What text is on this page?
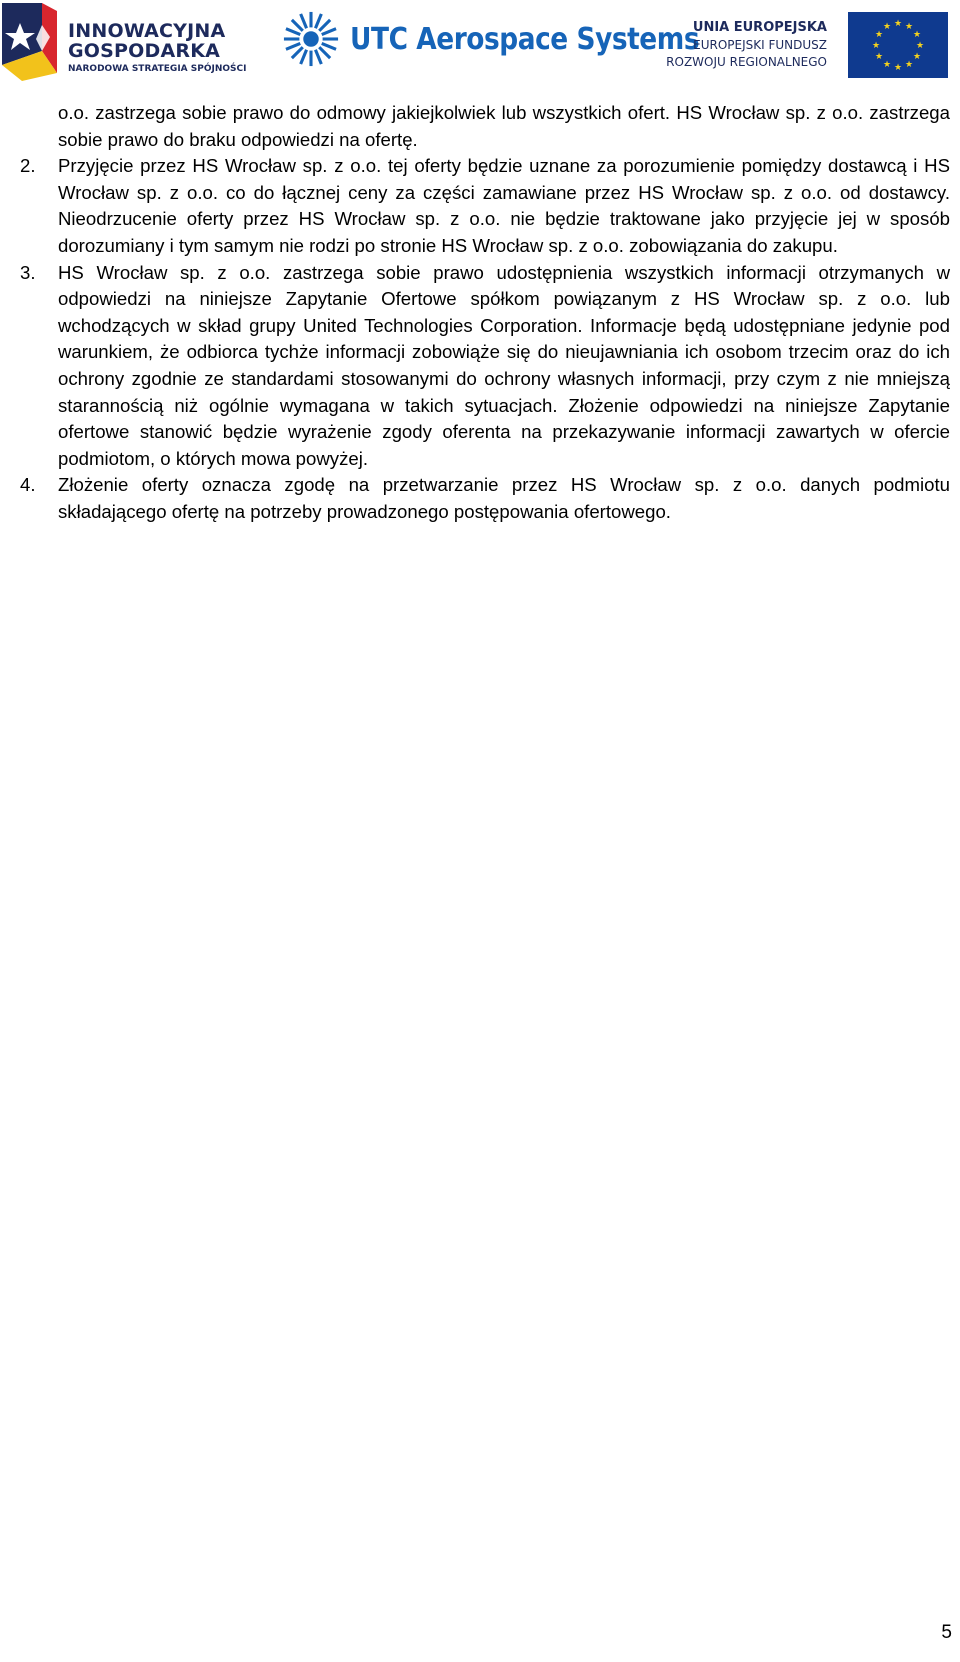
INNOWACYJNA
GOSPODARKA
NARODOWA STRATEGIA SPÓJNOŚCI
UTC Aerospace Systems
UNIA EUROPEJSKA
EUROPEJSKI FUNDUSZ
ROZWOJU REGIONALNEGO
★ ★
★
★
★
★
★
★
★
★
★
★

o.o. zastrzega sobie prawo do odmowy jakiejkolwiek lub wszystkich ofert. HS Wrocław sp. z o.o. zastrzega sobie prawo do braku odpowiedzi na ofertę.

2. Przyjęcie przez HS Wrocław sp. z o.o. tej oferty będzie uznane za porozumienie pomiędzy dostawcą i HS Wrocław sp. z o.o. co do łącznej ceny za części zamawiane przez HS Wrocław sp. z o.o. od dostawcy. Nieodrzucenie oferty przez HS Wrocław sp. z o.o. nie będzie traktowane jako przyjęcie jej w sposób dorozumiany i tym samym nie rodzi po stronie HS Wrocław sp. z o.o. zobowiązania do zakupu.
3. HS Wrocław sp. z o.o. zastrzega sobie prawo udostępnienia wszystkich informacji otrzymanych w odpowiedzi na niniejsze Zapytanie Ofertowe spółkom powiązanym z HS Wrocław sp. z o.o. lub wchodzących w skład grupy United Technologies Corporation. Informacje będą udostępniane jedynie pod warunkiem, że odbiorca tychże informacji zobowiąże się do nieujawniania ich osobom trzecim oraz do ich ochrony zgodnie ze standardami stosowanymi do ochrony własnych informacji, przy czym z nie mniejszą starannością niż ogólnie wymagana w takich sytuacjach. Złożenie odpowiedzi na niniejsze Zapytanie ofertowe stanowić będzie wyrażenie zgody oferenta na przekazywanie informacji zawartych w ofercie podmiotom, o których mowa powyżej.
4. Złożenie oferty oznacza zgodę na przetwarzanie przez HS Wrocław sp. z o.o. danych podmiotu składającego ofertę na potrzeby prowadzonego postępowania ofertowego.
5
